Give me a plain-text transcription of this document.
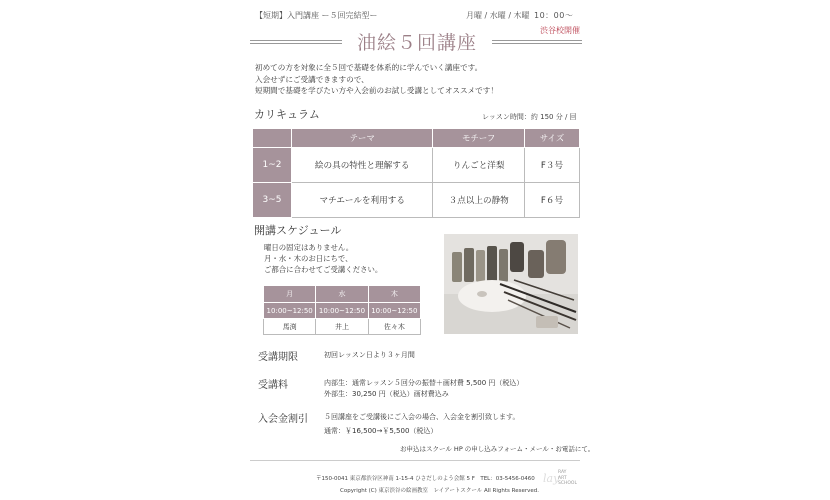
【短期】入門講座 ー５回完結型ー	月曜 / 水曜 / 木曜 10：00〜
渋谷校開催
油絵５回講座
初めての方を対象に全５回で基礎を体系的に学んでいく講座です。
入会せずにご受講できますので、
短期間で基礎を学びたい方や入会前のお試し受講としてオススメです！
カリキュラム	レッスン時間：約 150 分 / 回
	テーマ	モチーフ	サイズ
1~2	絵の具の特性と理解する	りんごと洋梨	F３号
3~5	マチエールを利用する	３点以上の静物	F６号
開講スケジュール
曜日の固定はありません。
月・水・木のお日にちで、
ご都合に合わせてご受講ください。
月	水	木
10:00~12:50	10:00~12:50	10:00~12:50
馬渕	井上	佐々木
受講期限	初回レッスン日より３ヶ月間
受講料	内部生：通常レッスン５回分の振替＋画材費 5,500 円（税込）
外部生：30,250 円（税込）画材費込み
入会金割引 ５回講座をご受講後にご入会の場合、入会金を割引致します。
通常：￥16,500→￥5,500（税込）
お申込はスクール HP の申し込みフォーム・メール・お電話にて。
〒150-0041 東京都渋谷区神南 1-15-4 ひさだしのよう会館 5 F　TEL：03-5456-0460
Copyright (C) 東京渋谷の絵画教室　レイアートスクール All Rights Reserved.
lay
RAY
ART
SCHOOL
